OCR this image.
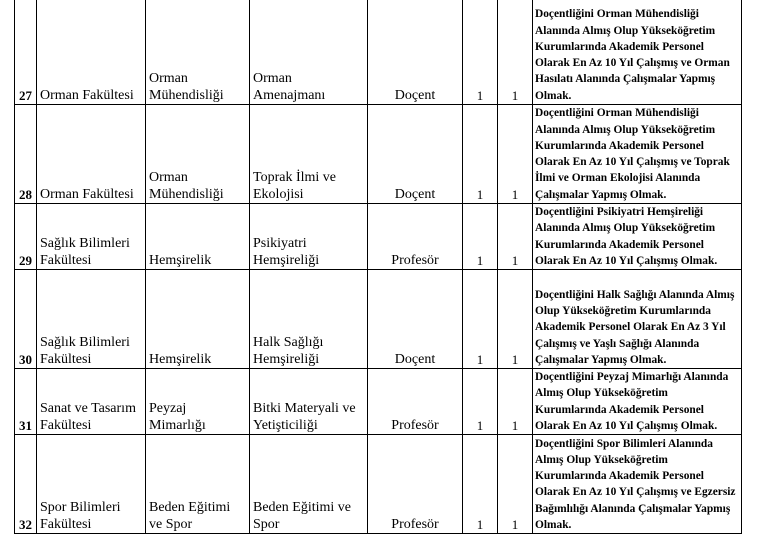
27	Orman Fakültesi	Orman Mühendisliği	Orman Amenajmanı	Doçent	1	1	Doçentliğini Orman Mühendisliği Alanında Almış Olup Yükseköğretim Kurumlarında Akademik Personel Olarak En Az 10 Yıl Çalışmış ve Orman Hasılatı Alanında Çalışmalar Yapmış Olmak.
28	Orman Fakültesi	Orman Mühendisliği	Toprak İlmi ve Ekolojisi	Doçent	1	1	Doçentliğini Orman Mühendisliği Alanında Almış Olup Yükseköğretim Kurumlarında Akademik Personel Olarak En Az 10 Yıl Çalışmış ve Toprak İlmi ve Orman Ekolojisi Alanında Çalışmalar Yapmış Olmak.
29	Sağlık Bilimleri Fakültesi	Hemşirelik	Psikiyatri Hemşireliği	Profesör	1	1	Doçentliğini Psikiyatri Hemşireliği Alanında Almış Olup Yükseköğretim Kurumlarında Akademik Personel Olarak En Az 10 Yıl Çalışmış Olmak.
30	Sağlık Bilimleri Fakültesi	Hemşirelik	Halk Sağlığı Hemşireliği	Doçent	1	1	Doçentliğini Halk Sağlığı Alanında Almış Olup Yükseköğretim Kurumlarında Akademik Personel Olarak En Az 3 Yıl Çalışmış ve Yaşlı Sağlığı Alanında Çalışmalar Yapmış Olmak.
31	Sanat ve Tasarım Fakültesi	Peyzaj Mimarlığı	Bitki Materyali ve Yetişticiliği	Profesör	1	1	Doçentliğini Peyzaj Mimarlığı Alanında Almış Olup Yükseköğretim Kurumlarında Akademik Personel Olarak En Az 10 Yıl Çalışmış Olmak.
32	Spor Bilimleri Fakültesi	Beden Eğitimi ve Spor	Beden Eğitimi ve Spor	Profesör	1	1	Doçentliğini Spor Bilimleri Alanında Almış Olup Yükseköğretim Kurumlarında Akademik Personel Olarak En Az 10 Yıl Çalışmış ve Egzersiz Bağımlılığı Alanında Çalışmalar Yapmış Olmak.
